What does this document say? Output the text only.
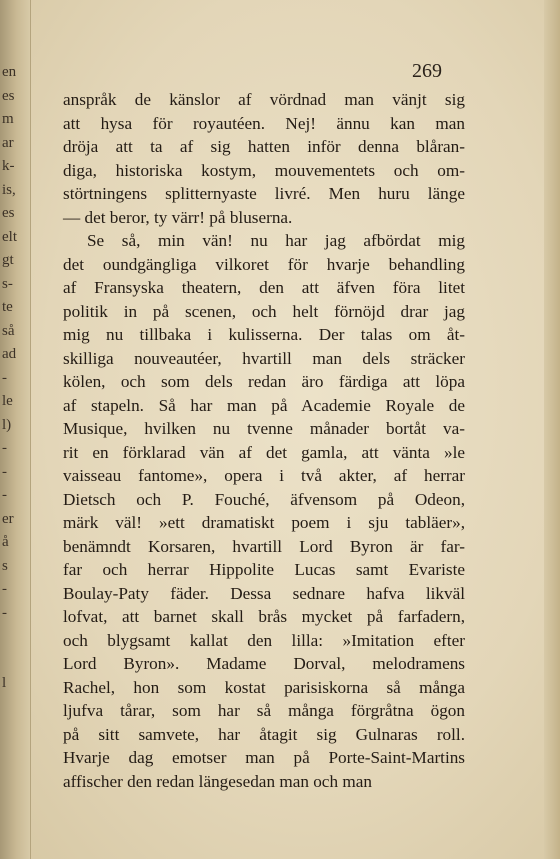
en
es
m
ar
k-
is,
es
elt
gt
s-
te
så
ad
-
le
l)
-
-
-
er
å
s
-
-
l
269
anspråk de känslor af vördnad man vänjt sig
att hysa för royautéen. Nej! ännu kan man
dröja att ta af sig hatten inför denna blåran-
diga, historiska kostym, mouvementets och om-
störtningens splitternyaste livré. Men huru länge
— det beror, ty värr! på bluserna.
Se så, min vän! nu har jag afbördat mig
det oundgängliga vilkoret för hvarje behandling
af Fransyska theatern, den att äfven föra litet
politik in på scenen, och helt förnöjd drar jag
mig nu tillbaka i kulisserna. Der talas om åt-
skilliga nouveautéer, hvartill man dels sträcker
kölen, och som dels redan äro färdiga att löpa
af stapeln. Så har man på Academie Royale de
Musique, hvilken nu tvenne månader bortåt va-
rit en förklarad vän af det gamla, att vänta »le
vaisseau fantome», opera i två akter, af herrar
Dietsch och P. Fouché, äfvensom på Odeon,
märk väl! »ett dramatiskt poem i sju tabläer»,
benämndt Korsaren, hvartill Lord Byron är far-
far och herrar Hippolite Lucas samt Evariste
Boulay-Paty fäder. Dessa sednare hafva likväl
lofvat, att barnet skall brås mycket på farfadern,
och blygsamt kallat den lilla: »Imitation efter
Lord Byron». Madame Dorval, melodramens
Rachel, hon som kostat parisiskorna så många
ljufva tårar, som har så många förgråtna ögon
på sitt samvete, har åtagit sig Gulnaras roll.
Hvarje dag emotser man på Porte-Saint-Martins
affischer den redan längesedan man och man
